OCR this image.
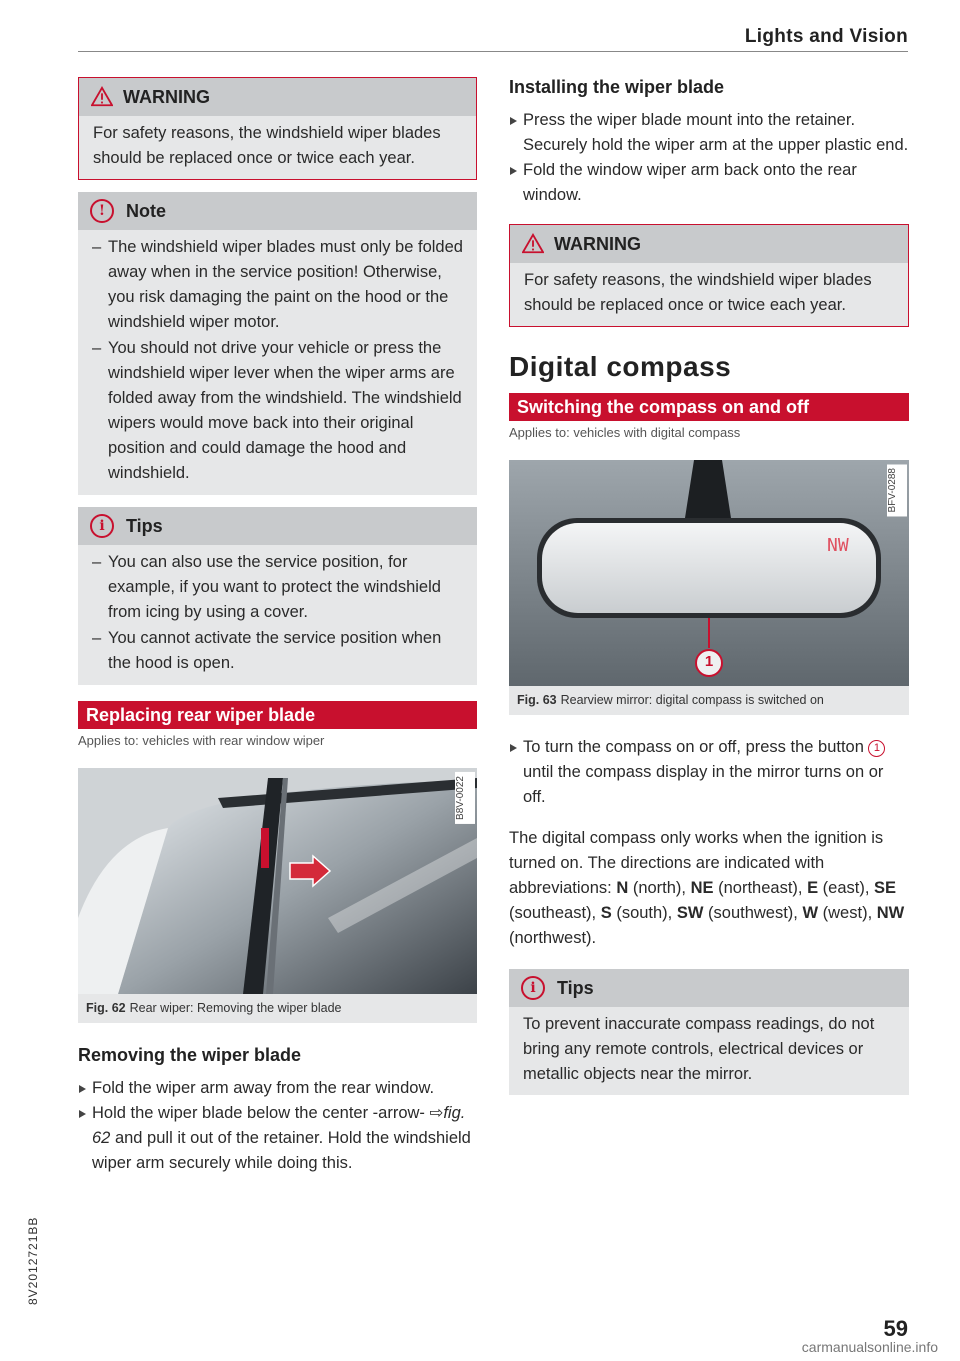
Lights and Vision
WARNING
For safety reasons, the windshield wiper blades should be replaced once or twice each year.
!	Note
– The windshield wiper blades must only be folded away when in the service position! Otherwise, you risk damaging the paint on the hood or the windshield wiper motor.
– You should not drive your vehicle or press the windshield wiper lever when the wiper arms are folded away from the windshield. The windshield wipers would move back into their original position and could damage the hood and windshield.
i	Tips
– You can also use the service position, for example, if you want to protect the windshield from icing by using a cover.
– You cannot activate the service position when the hood is open.
Replacing rear wiper blade
Applies to: vehicles with rear window wiper
B8V-0022
Fig. 62 Rear wiper: Removing the wiper blade
Removing the wiper blade
Fold the wiper arm away from the rear window.
Hold the wiper blade below the center -arrow- ⇨fig. 62 and pull it out of the retainer. Hold the windshield wiper arm securely while doing this.
Installing the wiper blade
Press the wiper blade mount into the retainer. Securely hold the wiper arm at the upper plastic end.
Fold the window wiper arm back onto the rear window.
WARNING
For safety reasons, the windshield wiper blades should be replaced once or twice each year.
Digital compass
Switching the compass on and off
Applies to: vehicles with digital compass
NW
1
BFV-0288
Fig. 63 Rearview mirror: digital compass is switched on
To turn the compass on or off, press the button 1 until the compass display in the mirror turns on or off.
The digital compass only works when the ignition is turned on. The directions are indicated with abbreviations: N (north), NE (northeast), E (east), SE (southeast), S (south), SW (southwest), W (west), NW (northwest).
i	Tips
To prevent inaccurate compass readings, do not bring any remote controls, electrical devices or metallic objects near the mirror.
8V2012721BB
59
carmanualsonline.info
